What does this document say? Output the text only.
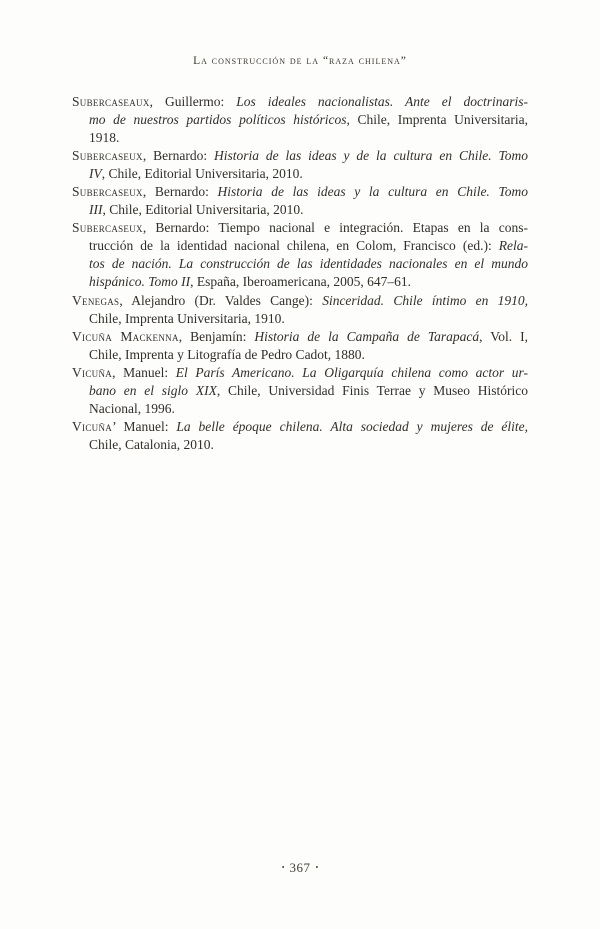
La construcción de la “raza chilena”
Subercaseaux, Guillermo: Los ideales nacionalistas. Ante el doctrinaris-
mo de nuestros partidos políticos históricos, Chile, Imprenta Universitaria,
1918.
Subercaseux, Bernardo: Historia de las ideas y de la cultura en Chile. Tomo
IV, Chile, Editorial Universitaria, 2010.
Subercaseux, Bernardo: Historia de las ideas y la cultura en Chile. Tomo
III, Chile, Editorial Universitaria, 2010.
Subercaseux, Bernardo: Tiempo nacional e integración. Etapas en la cons-
trucción de la identidad nacional chilena, en Colom, Francisco (ed.): Rela-
tos de nación. La construcción de las identidades nacionales en el mundo
hispánico. Tomo II, España, Iberoamericana, 2005, 647–61.
Venegas, Alejandro (Dr. Valdes Cange): Sinceridad. Chile íntimo en 1910,
Chile, Imprenta Universitaria, 1910.
Vicuña Mackenna, Benjamín: Historia de la Campaña de Tarapacá, Vol. I,
Chile, Imprenta y Litografía de Pedro Cadot, 1880.
Vicuña, Manuel: El París Americano. La Oligarquía chilena como actor ur-
bano en el siglo XIX, Chile, Universidad Finis Terrae y Museo Histórico
Nacional, 1996.
Vicuña’ Manuel: La belle époque chilena. Alta sociedad y mujeres de élite,
Chile, Catalonia, 2010.
• 367 •
